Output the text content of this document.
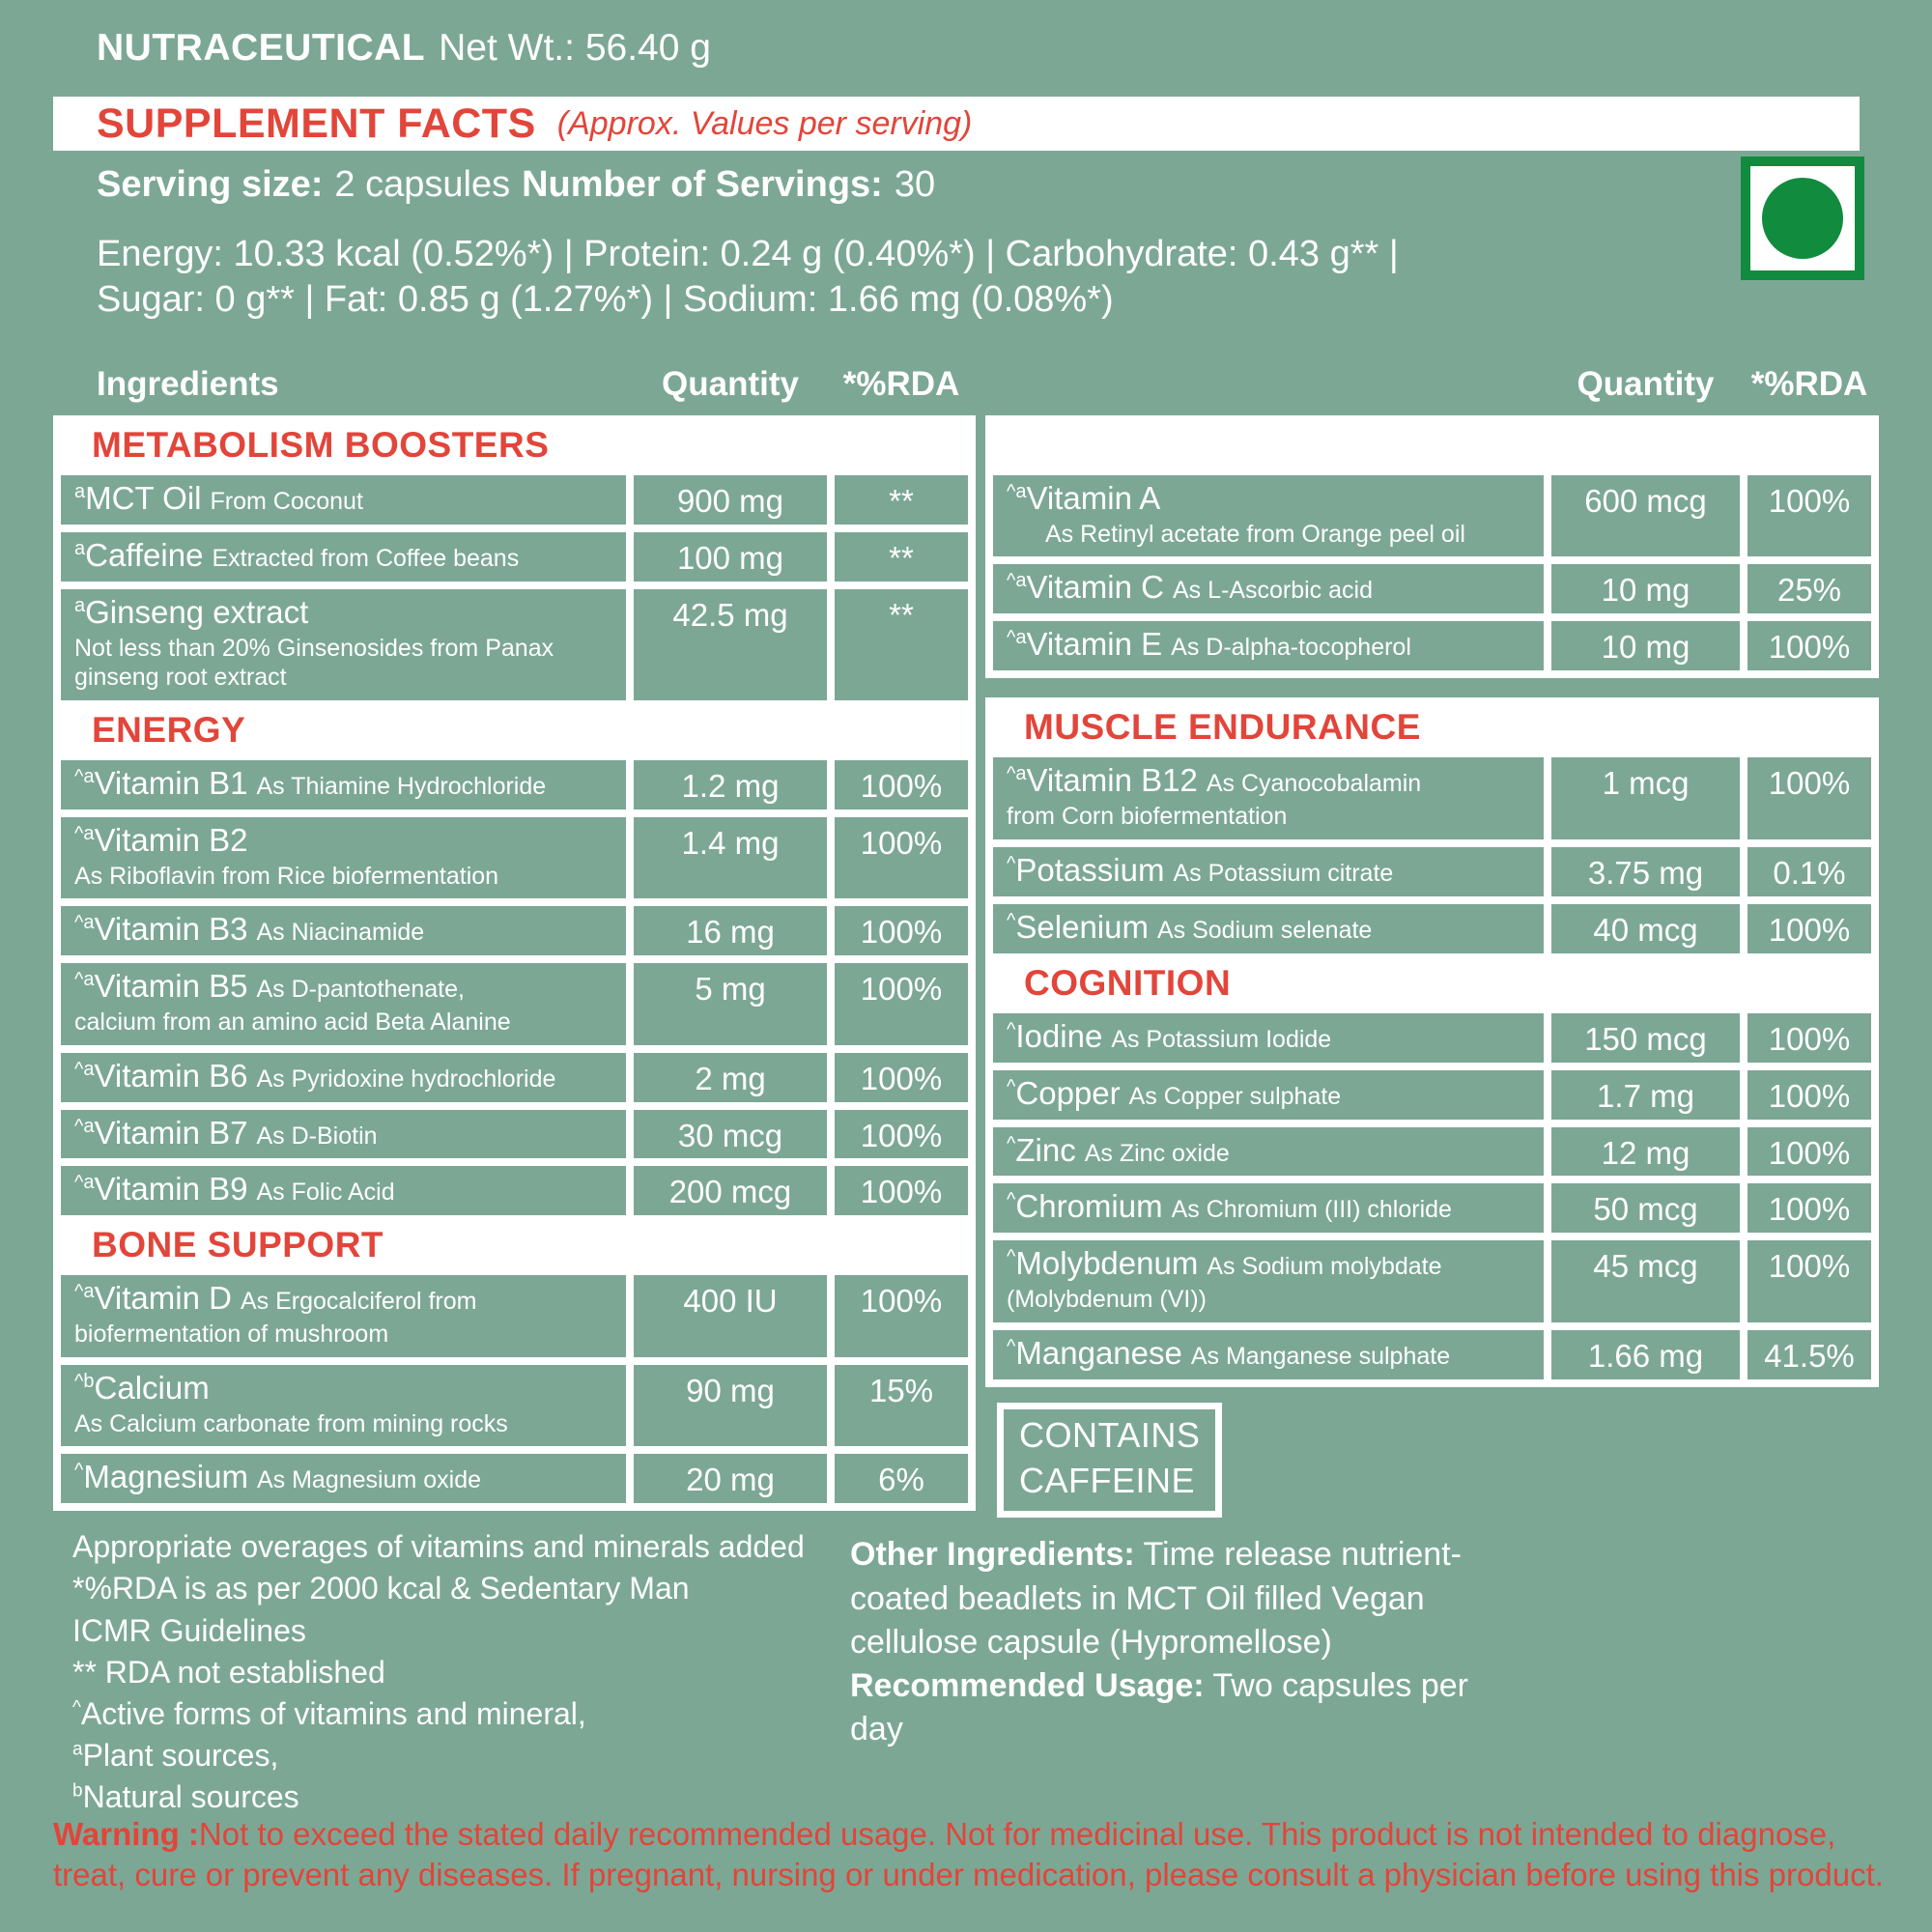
NUTRACEUTICAL Net Wt.: 56.40 g
SUPPLEMENT FACTS (Approx. Values per serving)
Serving size: 2 capsules Number of Servings: 30
Energy: 10.33 kcal (0.52%*) | Protein: 0.24 g (0.40%*) | Carbohydrate: 0.43 g** |
Sugar: 0 g** | Fat: 0.85 g (1.27%*) | Sodium: 1.66 mg (0.08%*)
Ingredients	Quantity	*%RDA	Quantity	*%RDA
METABOLISM BOOSTERS
$^a$MCT Oil From Coconut	900 mg	**
$^a$Caffeine Extracted from Coffee beans	100 mg	**
$^a$Ginseng extract
Not less than 20% Ginsenosides from Panax ginseng root extract
42.5 mg	**
ENERGY
$^{\^{}a}$Vitamin B1 As Thiamine Hydrochloride	1.2 mg	100%
$^{\^{}a}$Vitamin B2
As Riboflavin from Rice biofermentation
1.4 mg	100%
$^{\^{}a}$Vitamin B3 As Niacinamide	16 mg	100%
$^{\^{}a}$Vitamin B5 As D-pantothenate,
calcium from an amino acid Beta Alanine
5 mg	100%
$^{\^{}a}$Vitamin B6 As Pyridoxine hydrochloride	2 mg	100%
$^{\^{}a}$Vitamin B7 As D-Biotin	30 mcg	100%
$^{\^{}a}$Vitamin B9 As Folic Acid	200 mcg	100%
BONE SUPPORT
$^{\^{}a}$Vitamin D As Ergocalciferol from
biofermentation of mushroom
400 IU	100%
$^{\^{}b}$Calcium
As Calcium carbonate from mining rocks
90 mg	15%
^Magnesium As Magnesium oxide	20 mg	6%
Appropriate overages of vitamins and minerals added
*%RDA is as per 2000 kcal & Sedentary Man
ICMR Guidelines
** RDA not established
^Active forms of vitamins and mineral,
$^a$Plant sources,
$^b$Natural sources
$^{\^{}a}$Vitamin A
As Retinyl acetate from Orange peel oil
600 mcg	100%
$^{\^{}a}$Vitamin C As L-Ascorbic acid	10 mg	25%
$^{\^{}a}$Vitamin E As D-alpha-tocopherol	10 mg	100%
MUSCLE ENDURANCE
$^{\^{}a}$Vitamin B12 As Cyanocobalamin
from Corn biofermentation
1 mcg	100%
^Potassium As Potassium citrate	3.75 mg	0.1%
^Selenium As Sodium selenate	40 mcg	100%
COGNITION
^Iodine As Potassium Iodide	150 mcg	100%
^Copper As Copper sulphate	1.7 mg	100%
^Zinc As Zinc oxide	12 mg	100%
^Chromium As Chromium (III) chloride	50 mcg	100%
^Molybdenum As Sodium molybdate
(Molybdenum (VI))
45 mcg	100%
^Manganese As Manganese sulphate	1.66 mg	41.5%
CONTAINS
CAFFEINE
Other Ingredients: Time release nutrient-coated beadlets in MCT Oil filled Vegan cellulose capsule (Hypromellose)
Recommended Usage: Two capsules per day
Warning :Not to exceed the stated daily recommended usage. Not for medicinal use. This product is not intended to diagnose, treat, cure or prevent any diseases. If pregnant, nursing or under medication, please consult a physician before using this product.
